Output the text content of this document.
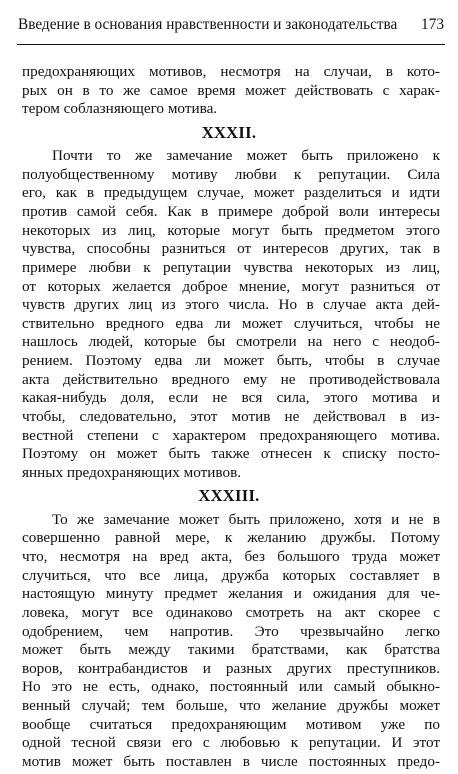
Введение в основания нравственности и законодательства 173
предохраняющих мотивов, несмотря на случаи, в кото-
рых он в то же самое время может действовать с харак-
тером соблазняющего мотива.
XXXII.
Почти то же замечание может быть приложено к
полуобщественному мотиву любви к репутации. Сила
его, как в предыдущем случае, может разделиться и идти
против самой себя. Как в примере доброй воли интересы
некоторых из лиц, которые могут быть предметом этого
чувства, способны разниться от интересов других, так в
примере любви к репутации чувства некоторых из лиц,
от которых желается доброе мнение, могут разниться от
чувств других лиц из этого числа. Но в случае акта дей-
ствительно вредного едва ли может случиться, чтобы не
нашлось людей, которые бы смотрели на него с неодоб-
рением. Поэтому едва ли может быть, чтобы в случае
акта действительно вредного ему не противодействовала
какая-нибудь доля, если не вся сила, этого мотива и
чтобы, следовательно, этот мотив не действовал в из-
вестной степени с характером предохраняющего мотива.
Поэтому он может быть также отнесен к списку посто-
янных предохраняющих мотивов.
XXXIII.
То же замечание может быть приложено, хотя и не в
совершенно равной мере, к желанию дружбы. Потому
что, несмотря на вред акта, без большого труда может
случиться, что все лица, дружба которых составляет в
настоящую минуту предмет желания и ожидания для че-
ловека, могут все одинаково смотреть на акт скорее с
одобрением, чем напротив. Это чрезвычайно легко
может быть между такими братствами, как братства
воров, контрабандистов и разных других преступников.
Но это не есть, однако, постоянный или самый обыкно-
венный случай; тем больше, что желание дружбы может
вообще считаться предохраняющим мотивом уже по
одной тесной связи его с любовью к репутации. И этот
мотив может быть поставлен в числе постоянных предо-
